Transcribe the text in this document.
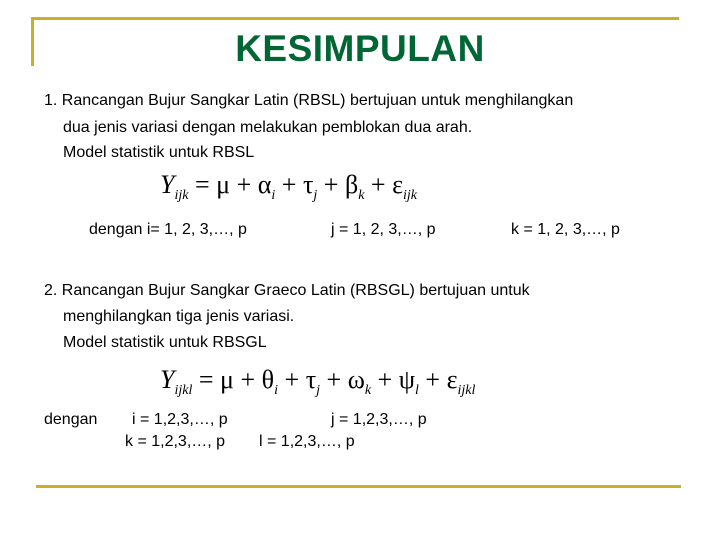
KESIMPULAN
1. Rancangan Bujur Sangkar Latin (RBSL) bertujuan untuk menghilangkan
dua jenis variasi dengan melakukan pemblokan dua arah.
Model statistik untuk RBSL
$Y_{ijk} = \mu + \alpha_i + \tau_j + \beta_k + \varepsilon_{ijk}$
dengan i= 1, 2, 3,…, p	j = 1, 2, 3,…, p	k = 1, 2, 3,…, p
2. Rancangan Bujur Sangkar Graeco Latin (RBSGL) bertujuan untuk
menghilangkan tiga jenis variasi.
Model statistik untuk RBSGL
$Y_{ijkl} = \mu + \theta_i + \tau_j + \omega_k + \psi_l + \varepsilon_{ijkl}$
dengan i = 1,2,3,…, p	j = 1,2,3,…, p
k = 1,2,3,…, p l = 1,2,3,…, p
